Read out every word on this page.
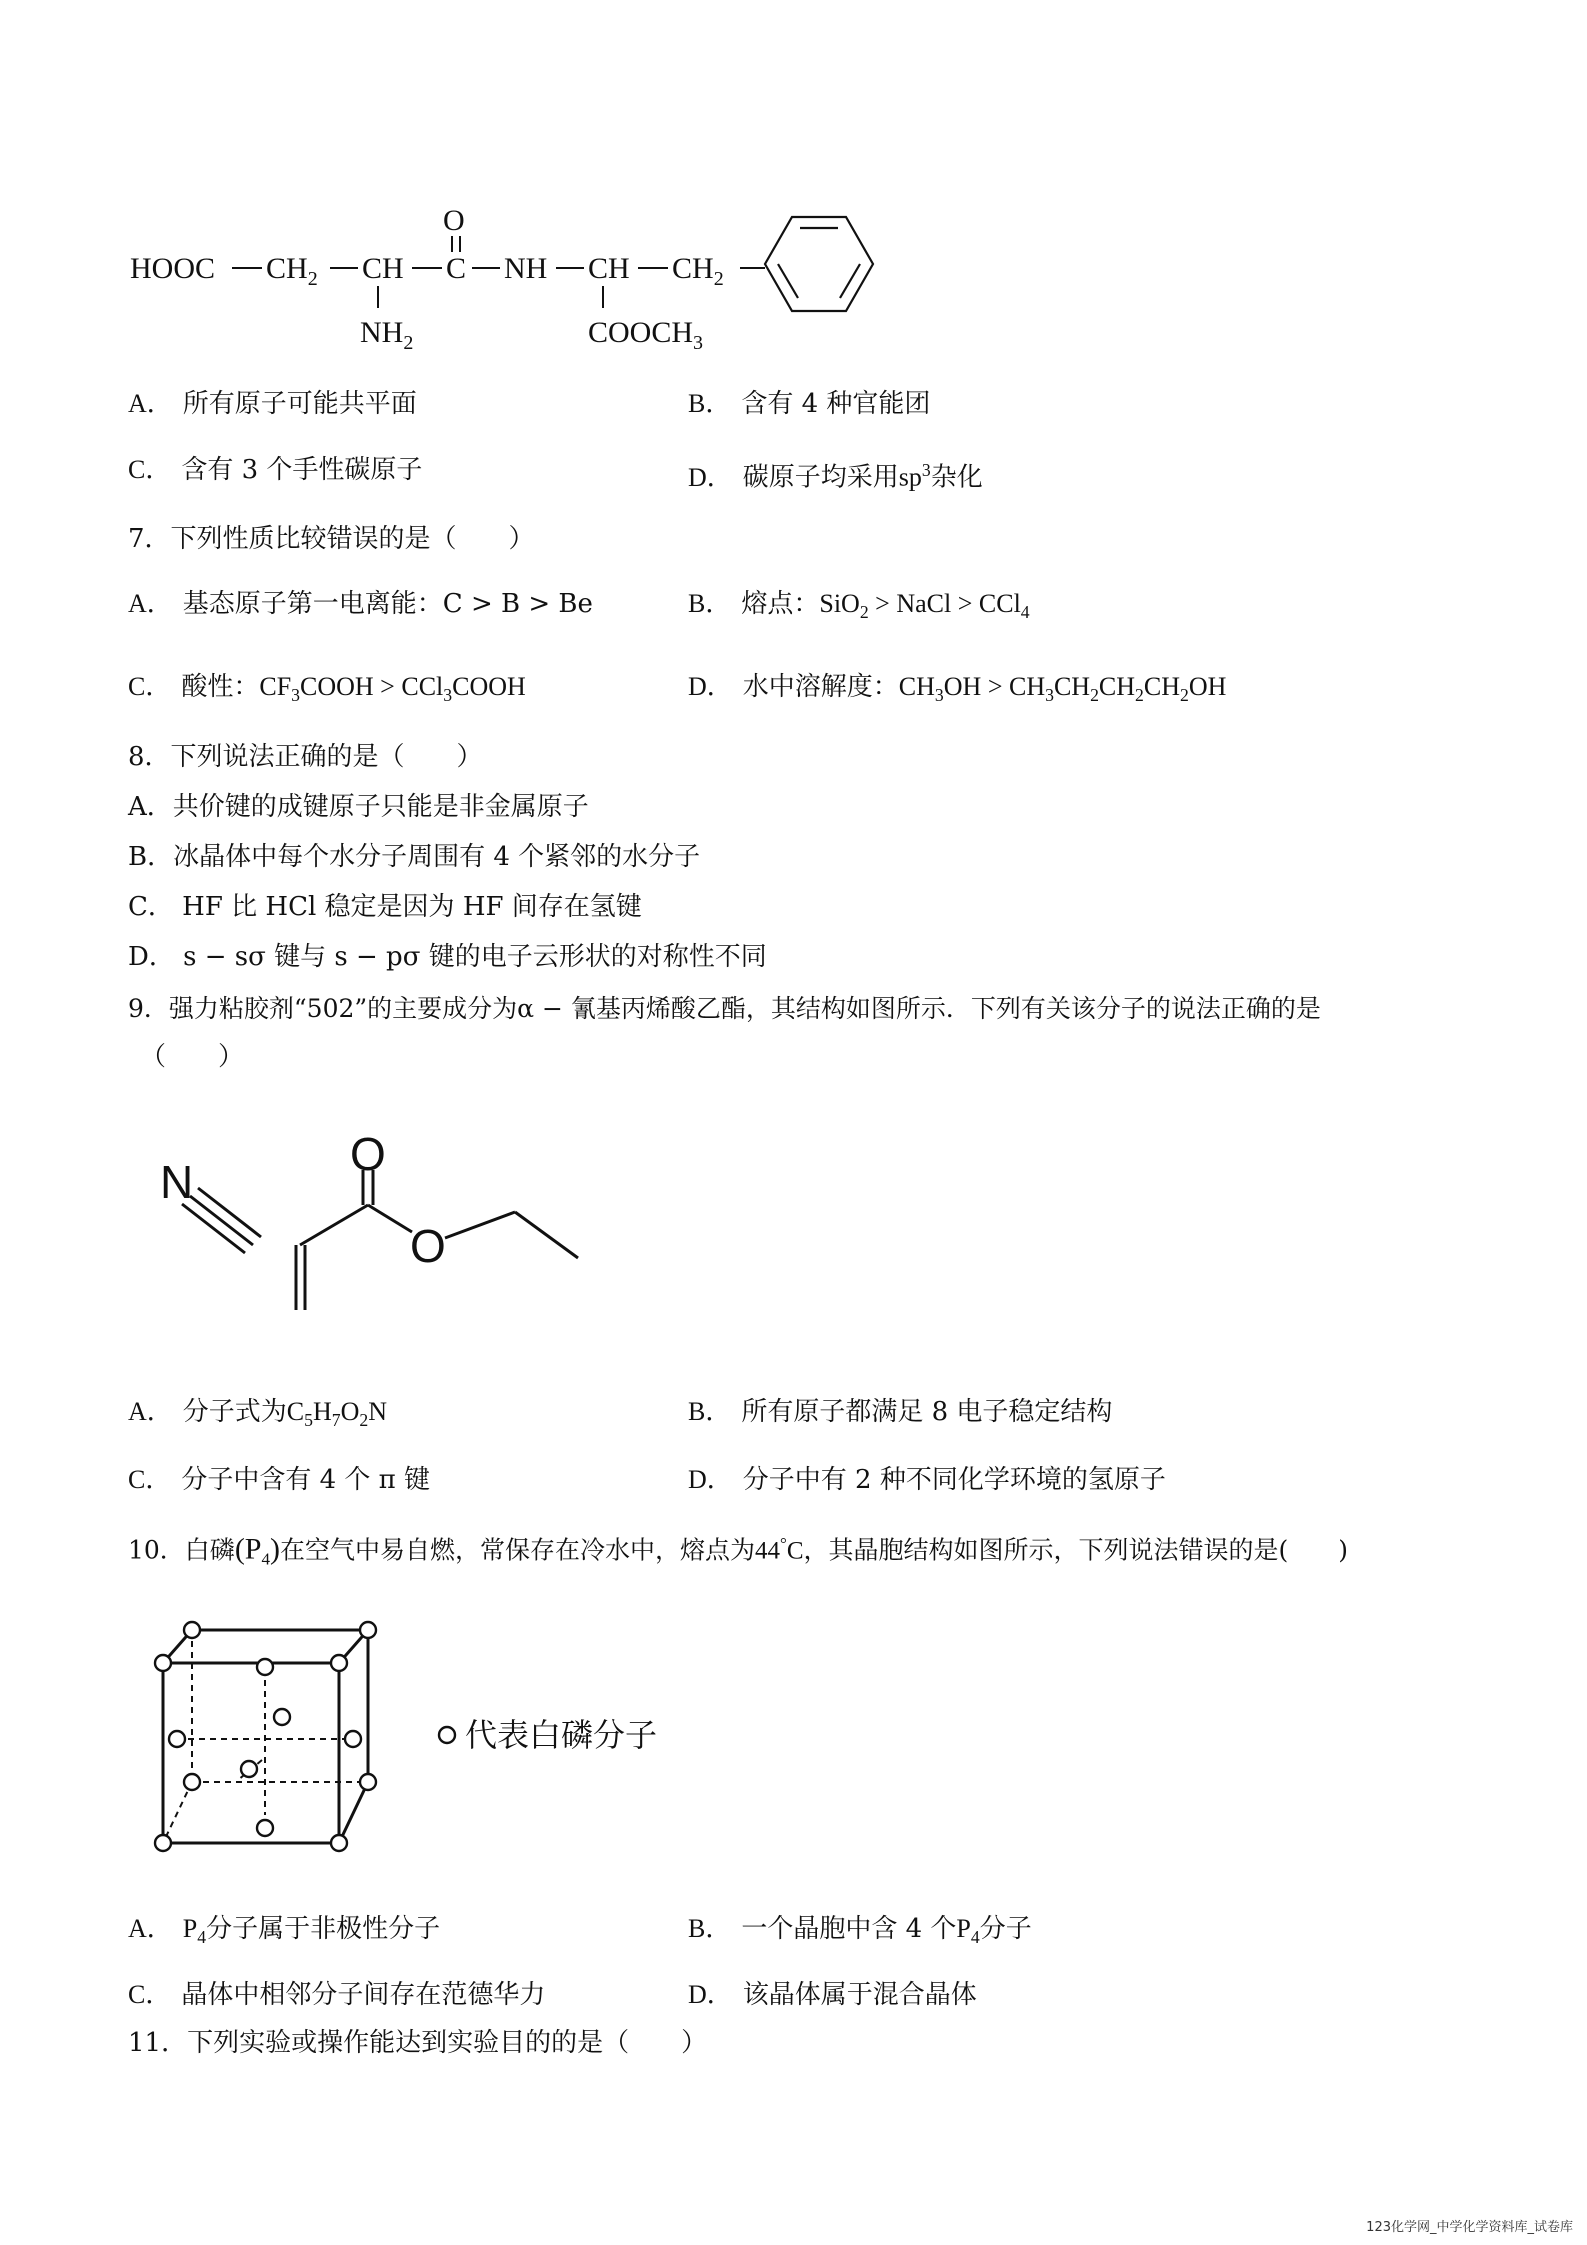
HOOC $CH_2$ CH C
O
NH CH $CH_2$
$NH_2$	$COOCH_3$
A． 所有原子可能共平面	B． 含有 4 种官能团
C． 含有 3 个手性碳原子	D． 碳原子均采用$sp^3$杂化
7．下列性质比较错误的是（　　）
A． 基态原子第一电离能：C > B > Be	B． 熔点：SiO$_2$ > NaCl > CCl$_4$
C． 酸性：$CF_3COOH$ > CCl$_3$COOH	D． 水中溶解度：$CH_3OH > CH_3CH_2CH_2CH_2OH$
8．下列说法正确的是（　　）
A．共价键的成键原子只能是非金属原子
B．冰晶体中每个水分子周围有 4 个紧邻的水分子
C． HF 比 HCl 稳定是因为 HF 间存在氢键
D． s − sσ 键与 s − pσ 键的电子云形状的对称性不同
9．强力粘胶剂“502”的主要成分为α − 氰基丙烯酸乙酯，其结构如图所示．下列有关该分子的说法正确的是
（　　）
N
O
O
A． 分子式为$C_5H_7O_2N$	B． 所有原子都满足 8 电子稳定结构
C． 分子中含有 4 个 π 键	D． 分子中有 2 种不同化学环境的氢原子
10．白磷$(P_4)$在空气中易自燃，常保存在冷水中，熔点为44°C，其晶胞结构如图所示，下列说法错误的是(　　)
代表白磷分子
A． $P_4$分子属于非极性分子	B． 一个晶胞中含 4 个$P_4$分子
C． 晶体中相邻分子间存在范德华力	D． 该晶体属于混合晶体
11．下列实验或操作能达到实验目的的是（　　）
123化学网_中学化学资料库_试卷库
